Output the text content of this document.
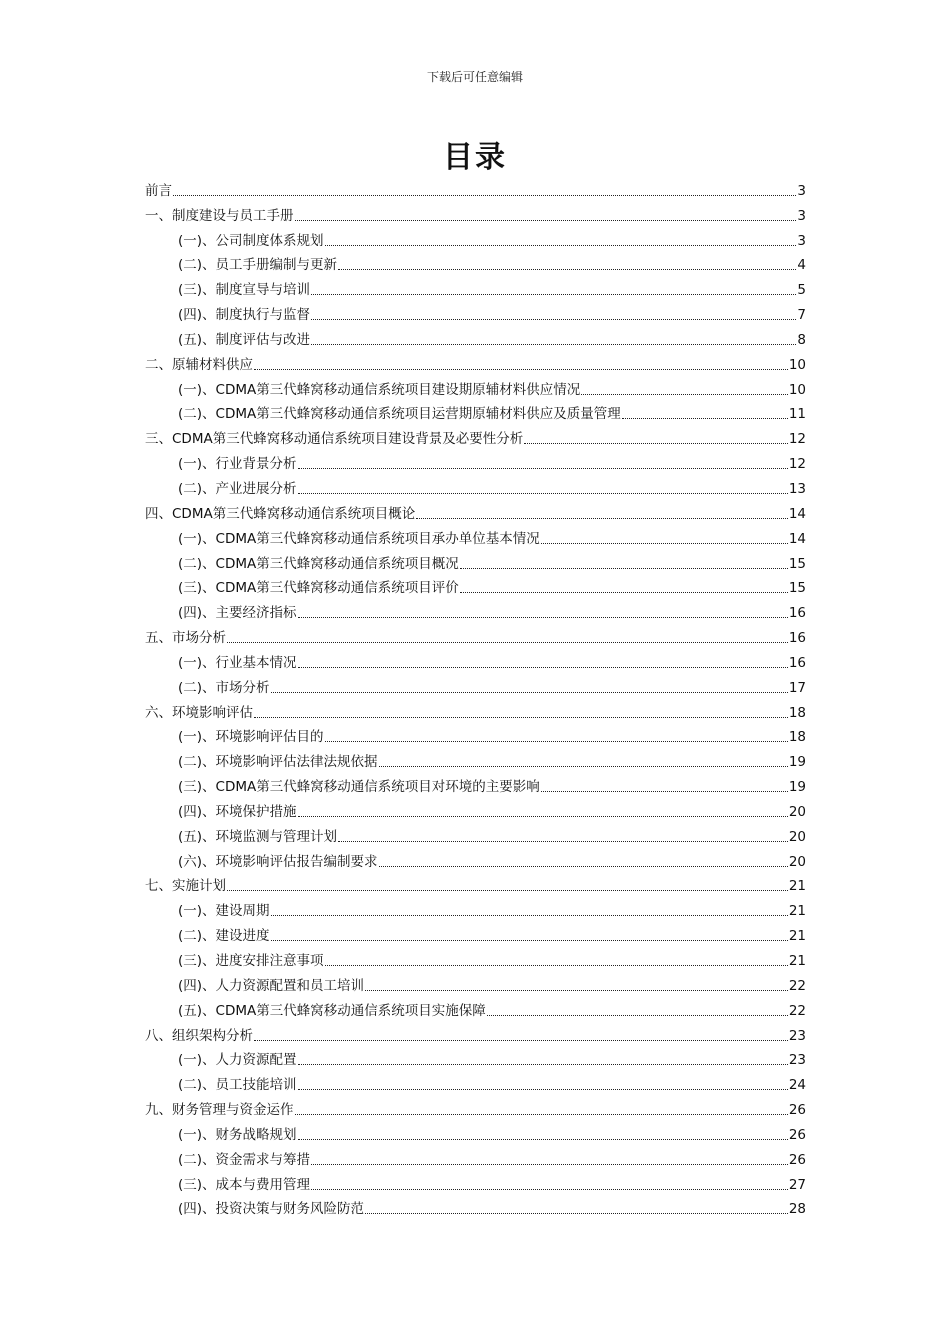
下载后可任意编辑
目录
前言	3
一、制度建设与员工手册	3
(一)、公司制度体系规划	3
(二)、员工手册编制与更新	4
(三)、制度宣导与培训	5
(四)、制度执行与监督	7
(五)、制度评估与改进	8
二、原辅材料供应	10
(一)、CDMA第三代蜂窝移动通信系统项目建设期原辅材料供应情况	10
(二)、CDMA第三代蜂窝移动通信系统项目运营期原辅材料供应及质量管理	11
三、CDMA第三代蜂窝移动通信系统项目建设背景及必要性分析	12
(一)、行业背景分析	12
(二)、产业进展分析	13
四、CDMA第三代蜂窝移动通信系统项目概论	14
(一)、CDMA第三代蜂窝移动通信系统项目承办单位基本情况	14
(二)、CDMA第三代蜂窝移动通信系统项目概况	15
(三)、CDMA第三代蜂窝移动通信系统项目评价	15
(四)、主要经济指标	16
五、市场分析	16
(一)、行业基本情况	16
(二)、市场分析	17
六、环境影响评估	18
(一)、环境影响评估目的	18
(二)、环境影响评估法律法规依据	19
(三)、CDMA第三代蜂窝移动通信系统项目对环境的主要影响	19
(四)、环境保护措施	20
(五)、环境监测与管理计划	20
(六)、环境影响评估报告编制要求	20
七、实施计划	21
(一)、建设周期	21
(二)、建设进度	21
(三)、进度安排注意事项	21
(四)、人力资源配置和员工培训	22
(五)、CDMA第三代蜂窝移动通信系统项目实施保障	22
八、组织架构分析	23
(一)、人力资源配置	23
(二)、员工技能培训	24
九、财务管理与资金运作	26
(一)、财务战略规划	26
(二)、资金需求与筹措	26
(三)、成本与费用管理	27
(四)、投资决策与财务风险防范	28
